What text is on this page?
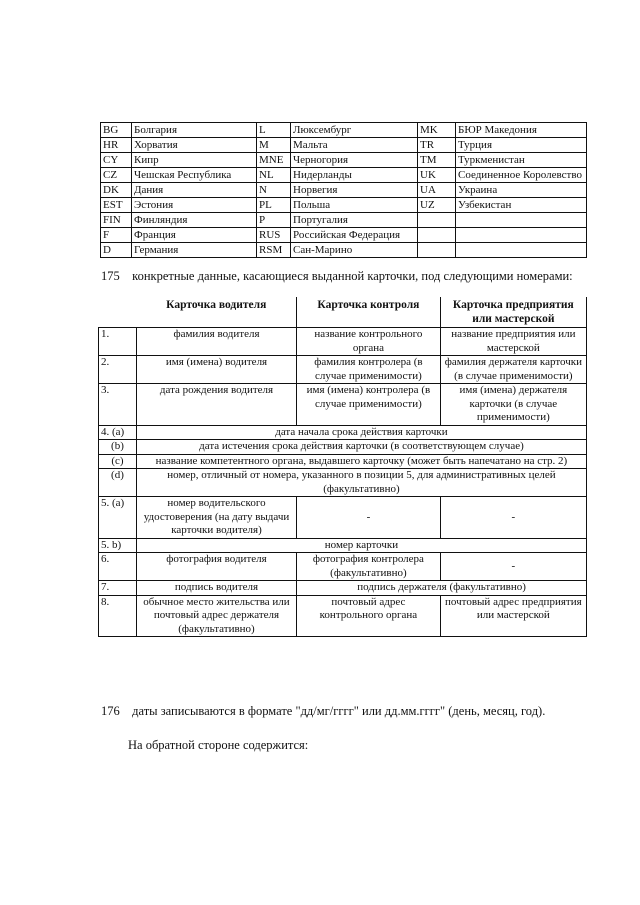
BG	Болгария	L	Люксембург	MK	БЮР Македония
HR	Хорватия	M	Мальта	TR	Турция
CY	Кипр	MNE	Черногория	TM	Туркменистан
CZ	Чешская Республика	NL	Нидерланды	UK	Соединенное Королевство
DK	Дания	N	Норвегия	UA	Украина
EST	Эстония	PL	Польша	UZ	Узбекистан
FIN	Финляндия	P	Португалия		
F	Франция	RUS	Российская Федерация		
D	Германия	RSM	Сан-Марино		
175 конкретные данные, касающиеся выданной карточки, под следующими номерами:
	Карточка водителя	Карточка контроля	Карточка предприятия или мастерской
1.	фамилия водителя	название контрольного органа	название предприятия или мастерской
2.	имя (имена) водителя	фамилия контролера (в случае применимости)	фамилия держателя карточки (в случае применимости)
3.	дата рождения водителя	имя (имена) контролера (в случае применимости)	имя (имена) держателя карточки (в случае применимости)
4. (a)	дата начала срока действия карточки		
(b)	дата истечения срока действия карточки (в соответствующем случае)		
(c)	название компетентного органа, выдавшего карточку (может быть напечатано на стр. 2)		
(d)	номер, отличный от номера, указанного в позиции 5, для административных целей (факультативно)		
5. (a)	номер водительского удостоверения (на дату выдачи карточки водителя)	-	-
5. b)	номер карточки		
6.	фотография водителя	фотография контролера (факультативно)	-
7.	подпись водителя	подпись держателя (факультативно)	
8.	обычное место жительства или почтовый адрес держателя (факультативно)	почтовый адрес контрольного органа	почтовый адрес предприятия или мастерской
176 даты записываются в формате "дд/мг/гггг" или дд.мм.гггг" (день, месяц, год).
На обратной стороне содержится:
